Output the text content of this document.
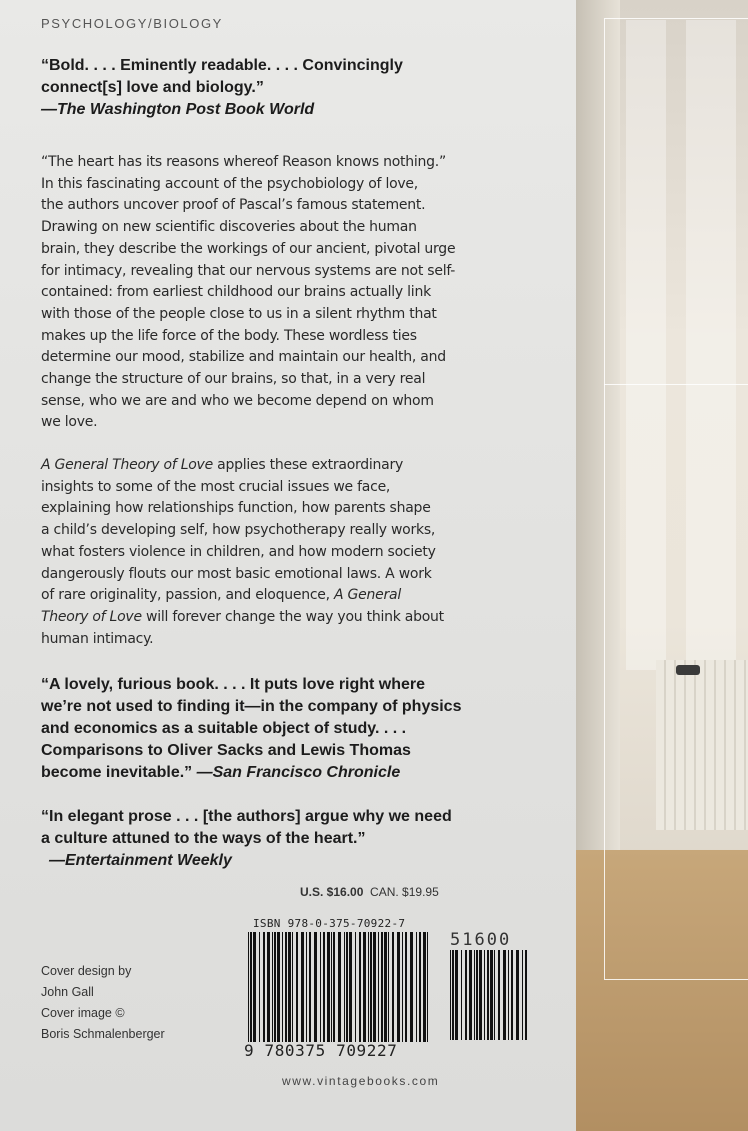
PSYCHOLOGY/BIOLOGY
“Bold. . . . Eminently readable. . . . Convincingly
connect[s] love and biology.”
—The Washington Post Book World
“The heart has its reasons whereof Reason knows nothing.”
In this fascinating account of the psychobiology of love,
the authors uncover proof of Pascal’s famous statement.
Drawing on new scientific discoveries about the human
brain, they describe the workings of our ancient, pivotal urge
for intimacy, revealing that our nervous systems are not self-
contained: from earliest childhood our brains actually link
with those of the people close to us in a silent rhythm that
makes up the life force of the body. These wordless ties
determine our mood, stabilize and maintain our health, and
change the structure of our brains, so that, in a very real
sense, who we are and who we become depend on whom
we love.
A General Theory of Love applies these extraordinary
insights to some of the most crucial issues we face,
explaining how relationships function, how parents shape
a child’s developing self, how psychotherapy really works,
what fosters violence in children, and how modern society
dangerously flouts our most basic emotional laws. A work
of rare originality, passion, and eloquence, A General
Theory of Love will forever change the way you think about
human intimacy.
“A lovely, furious book. . . . It puts love right where
we’re not used to finding it—in the company of physics
and economics as a suitable object of study. . . .
Comparisons to Oliver Sacks and Lewis Thomas
become inevitable.” —San Francisco Chronicle
“In elegant prose . . . [the authors] argue why we need
a culture attuned to the ways of the heart.”
—Entertainment Weekly
U.S. $16.00 CAN. $19.95
ISBN 978-0-375-70922-7
9 780375 709227
51600
Cover design by
John Gall
Cover image ©
Boris Schmalenberger
www.vintagebooks.com
